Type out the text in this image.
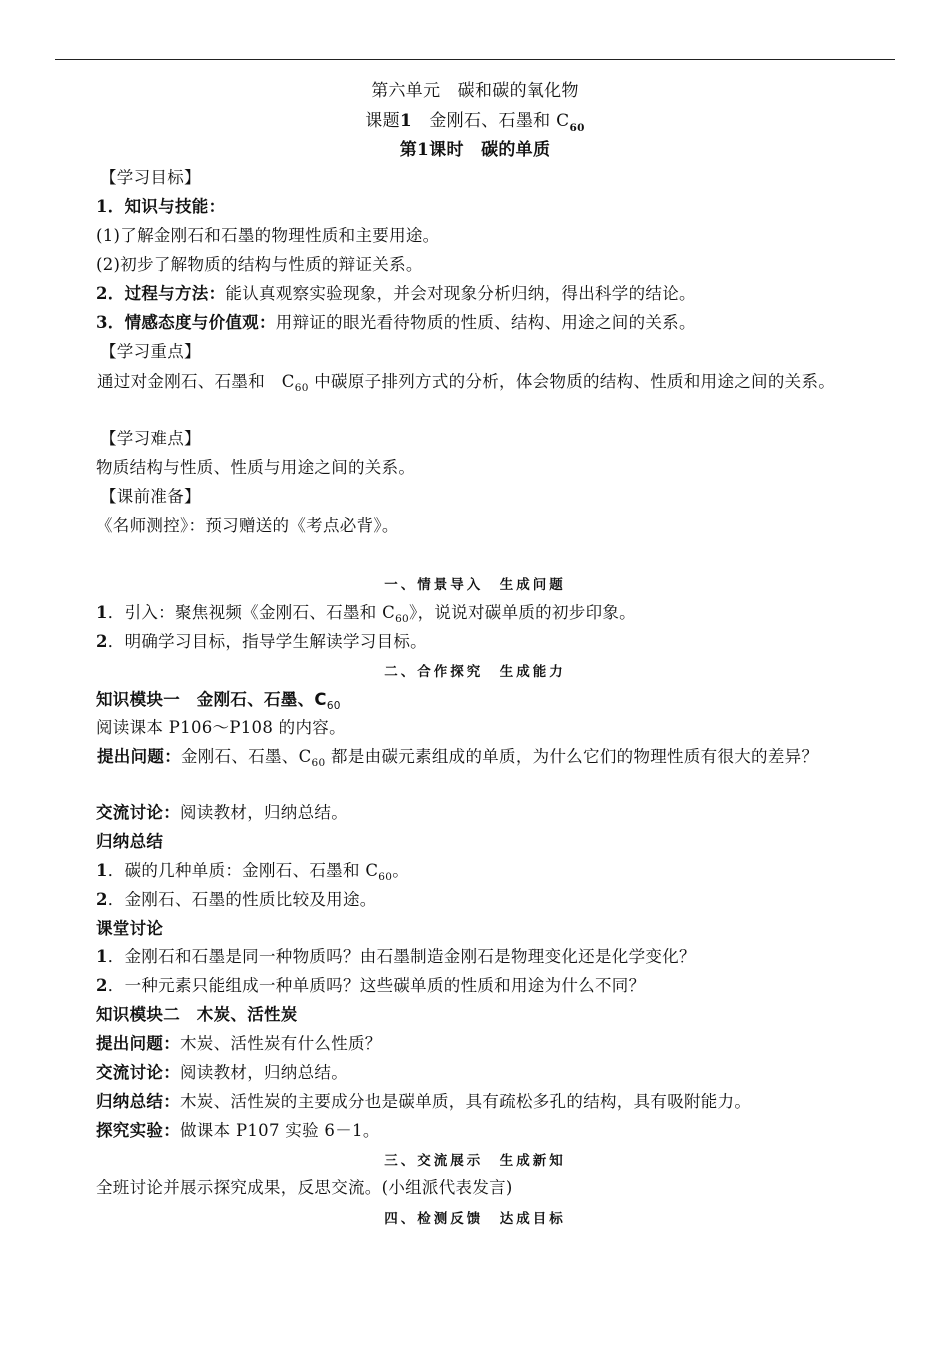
第六单元　碳和碳的氧化物
课题1　金刚石、石墨和 $C_{60}$
第1课时　碳的单质
【学习目标】
1．知识与技能：
(1)了解金刚石和石墨的物理性质和主要用途。
(2)初步了解物质的结构与性质的辩证关系。
2．过程与方法：能认真观察实验现象，并会对现象分析归纳，得出科学的结论。
3．情感态度与价值观：用辩证的眼光看待物质的性质、结构、用途之间的关系。
【学习重点】
通过对金刚石、石墨和　$C_{60}$ 中碳原子排列方式的分析，体会物质的结构、性质和用途之间的关系。
【学习难点】
物质结构与性质、性质与用途之间的关系。
【课前准备】
《名师测控》：预习赠送的《考点必背》。
一、情景导入　生成问题
1．引入：聚焦视频《金刚石、石墨和 $C_{60}$》，说说对碳单质的初步印象。
2．明确学习目标，指导学生解读学习目标。
二、合作探究　生成能力
知识模块一　金刚石、石墨、$C_{60}$
阅读课本 P106～P108 的内容。
提出问题：金刚石、石墨、$C_{60}$ 都是由碳元素组成的单质，为什么它们的物理性质有很大的差异？
交流讨论：阅读教材，归纳总结。
归纳总结
1．碳的几种单质：金刚石、石墨和 $C_{60}$。
2．金刚石、石墨的性质比较及用途。
课堂讨论
1．金刚石和石墨是同一种物质吗？由石墨制造金刚石是物理变化还是化学变化？
2．一种元素只能组成一种单质吗？这些碳单质的性质和用途为什么不同？
知识模块二　木炭、活性炭
提出问题：木炭、活性炭有什么性质？
交流讨论：阅读教材，归纳总结。
归纳总结：木炭、活性炭的主要成分也是碳单质，具有疏松多孔的结构，具有吸附能力。
探究实验：做课本 P107 实验 6－1。
三、交流展示　生成新知
全班讨论并展示探究成果，反思交流。(小组派代表发言)
四、检测反馈　达成目标
